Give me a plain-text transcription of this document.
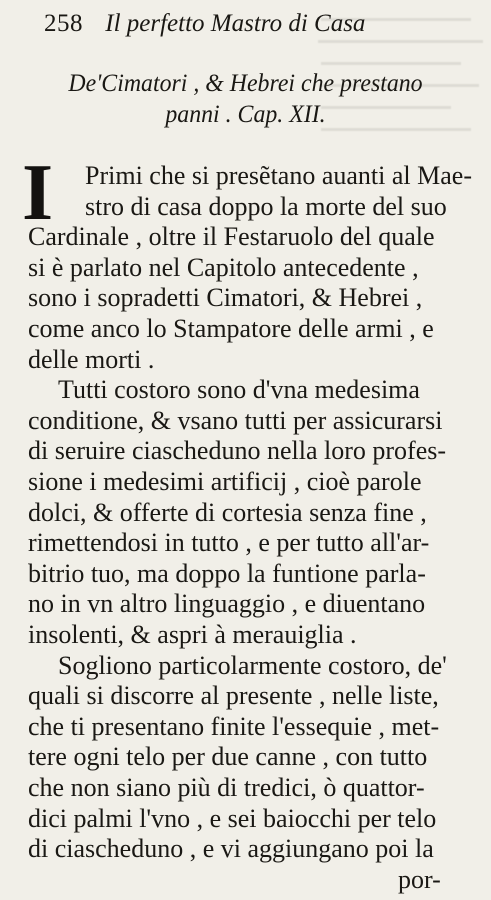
258 Il perfetto Mastro di Casa
De'Cimatori , & Hebrei che prestano
panni . Cap. XII.
I Primi che si presẽtano auanti al Mae-
stro di casa doppo la morte del suo
Cardinale , oltre il Festaruolo del quale
si è parlato nel Capitolo antecedente ,
sono i sopradetti Cimatori, & Hebrei ,
come anco lo Stampatore delle armi , e
delle morti .
Tutti costoro sono d'vna medesima
conditione, & vsano tutti per assicurarsi
di seruire ciascheduno nella loro profes-
sione i medesimi artificij , cioè parole
dolci, & offerte di cortesia senza fine ,
rimettendosi in tutto , e per tutto all'ar-
bitrio tuo, ma doppo la funtione parla-
no in vn altro linguaggio , e diuentano
insolenti, & aspri à merauiglia .
Sogliono particolarmente costoro, de'
quali si discorre al presente , nelle liste,
che ti presentano finite l'essequie , met-
tere ogni telo per due canne , con tutto
che non siano più di tredici, ò quattor-
dici palmi l'vno , e sei baiocchi per telo
di ciascheduno , e vi aggiungano poi la
por-
